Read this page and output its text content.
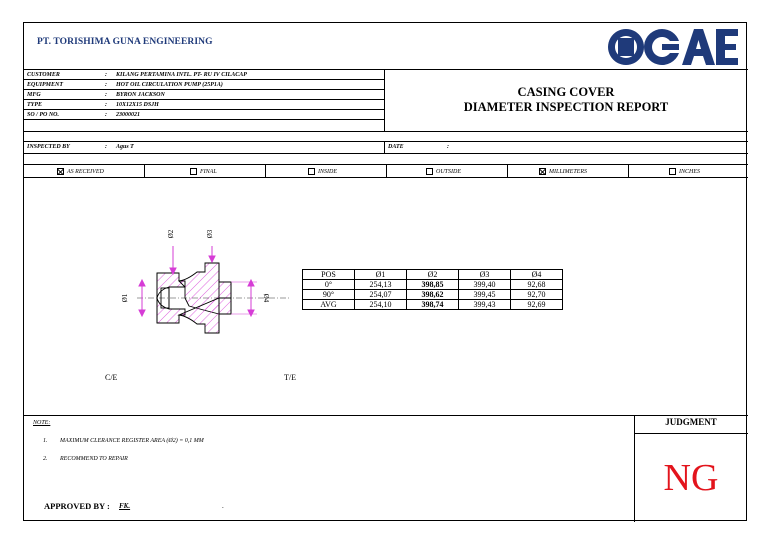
PT. TORISHIMA GUNA ENGINEERING
CUSTOMER	: KILANG PERTAMINA INTL. PT- RU IV CILACAP
EQUIPMENT	: HOT OIL CIRCULATION PUMP (25P1A)
MFG	: BYRON JACKSON
TYPE	: 10X12X15 DSJH
SO / PO NO.	: 23000021
CASING COVER
DIAMETER INSPECTION REPORT
INSPECTED BY	: Agus T	DATE	:
AS RECEIVED	FINAL	INSIDE	OUTSIDE	MILLIMETERS	INCHES
Ø2	Ø3
Ø1	Ø4
C/E	T/E
POS	Ø1	Ø2	Ø3	Ø4
0°	254,13	398,85	399,40	92,68
90°	254,07	398,62	399,45	92,70
AVG	254,10	398,74	399,43	92,69
NOTE:
1. MAXIMUM CLERANCE REGISTER AREA (Ø2) = 0,1 MM
2. RECOMMEND TO REPAIR
APPROVED BY : FK.	.
JUDGMENT
NG
